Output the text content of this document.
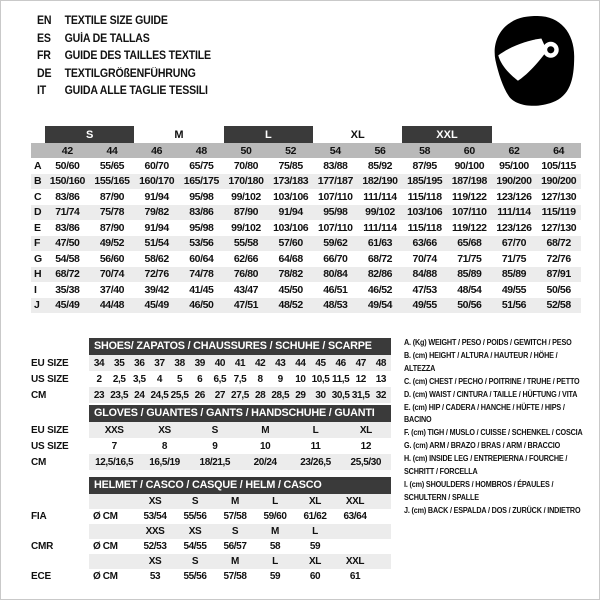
EN	TEXTILE SIZE GUIDE
ES	GUÍA DE TALLAS
FR	GUIDE DES TAILLES TEXTILE
DE	TEXTILGRÖßENFÜHRUNG
IT	GUIDA ALLE TAGLIE TESSILI
S	M	L	XL	XXL
42	44	46	48	50	52	54	56	58	60	62	64
A	50/60	55/65	60/70	65/75	70/80	75/85	83/88	85/92	87/95	90/100	95/100	105/115
B 150/160 155/165 160/170 165/175 170/180 173/183 177/187 182/190 185/195 187/198 190/200 190/200
C	83/86	87/90	91/94	95/98	99/102	103/106 107/110	111/114	115/118 119/122 123/126 127/130
D	71/74	75/78	79/82	83/86	87/90	91/94	95/98	99/102	103/106 107/110	111/114	115/119
E	83/86	87/90	91/94	95/98	99/102	103/106 107/110	111/114	115/118 119/122 123/126 127/130
F	47/50	49/52	51/54	53/56	55/58	57/60	59/62	61/63	63/66	65/68	67/70	68/72
G	54/58	56/60	58/62	60/64	62/66	64/68	66/70	68/72	70/74	71/75	71/75	72/76
H	68/72	70/74	72/76	74/78	76/80	78/82	80/84	82/86	84/88	85/89	85/89	87/91
I	35/38	37/40	39/42	41/45	43/47	45/50	46/51	46/52	47/53	48/54	49/55	50/56
J	45/49	44/48	45/49	46/50	47/51	48/52	48/53	49/54	49/55	50/56	51/56	52/58
SHOES/ ZAPATOS / CHAUSSURES / SCHUHE / SCARPE
EU SIZE	34 35 36 37 38 39 40 41 42 43 44 45 46 47 48
US SIZE	2	2,5 3,5	4	5	6	6,5 7,5	8	9	10 10,5 11,5 12 13
CM	23 23,5 24 24,5 25,5 26 27 27,5 28 28,5 29 30 30,5 31,5 32
GLOVES / GUANTES / GANTS / HANDSCHUHE / GUANTI
EU SIZE	XXS	XS	S	M	L	XL
US SIZE	7	8	9	10	11	12
CM	12,5/16,5	16,5/19	18/21,5	20/24	23/26,5	25,5/30
HELMET / CASCO / CASQUE / HELM / CASCO
XS	S	M	L	XL	XXL
FIA	Ø CM	53/54	55/56	57/58	59/60	61/62	63/64
XXS	XS	S	M	L
CMR	Ø CM	52/53	54/55	56/57	58	59
XS	S	M	L	XL	XXL
ECE	Ø CM	53	55/56	57/58	59	60	61
A. (Kg) WEIGHT / PESO / POIDS / GEWITCH / PESO
B. (cm) HEIGHT / ALTURA / HAUTEUR / HÖHE / ALTEZZA
C. (cm) CHEST / PECHO / POITRINE / TRUHE / PETTO
D. (cm) WAIST / CINTURA / TAILLE / HÜFTUNG / VITA
E. (cm) HIP / CADERA / HANCHE / HÜFTE / HIPS / BACINO
F. (cm) TIGH / MUSLO / CUISSE / SCHENKEL / COSCIA
G. (cm) ARM / BRAZO / BRAS / ARM / BRACCIO
H. (cm) INSIDE LEG / ENTREPIERNA / FOURCHE / SCHRITT / FORCELLA
I. (cm) SHOULDERS / HOMBROS / ÉPAULES / SCHULTERN / SPALLE
J. (cm) BACK / ESPALDA / DOS / ZURÜCK / INDIETRO
